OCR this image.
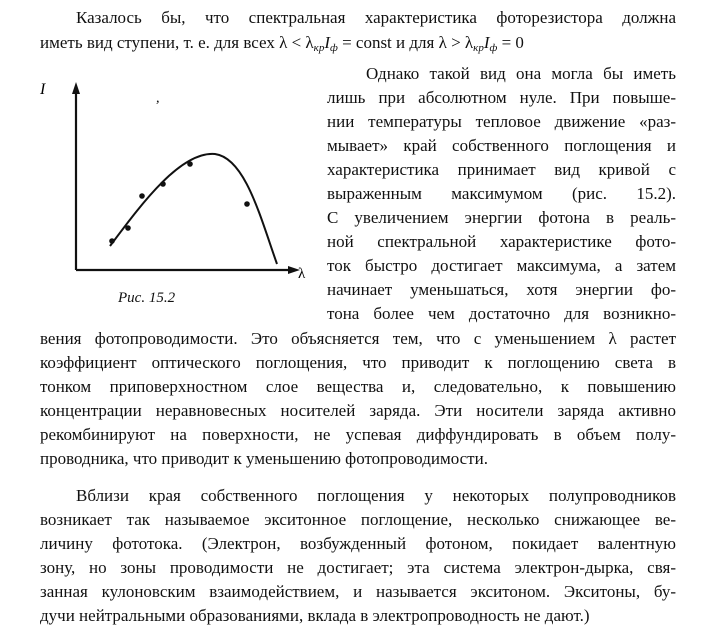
Казалось бы, что спектральная характеристика фоторезистора должна
иметь вид ступени, т. е. для всех $\lambda < \lambda_{кр}I_ф$ = const и для $\lambda > \lambda_{кр}I_ф = 0$
I
,
λ
Рис. 15.2
Однако такой вид она могла бы иметь
лишь при абсолютном нуле. При повыше-
нии температуры тепловое движение «раз-
мывает» край собственного поглощения и
характеристика принимает вид кривой с
выраженным максимумом (рис. 15.2).
С увеличением энергии фотона в реаль-
ной спектральной характеристике фото-
ток быстро достигает максимума, а затем
начинает уменьшаться, хотя энергии фо-
тона более чем достаточно для возникно-
вения фотопроводимости. Это объясняется тем, что с уменьшением λ растет
коэффициент оптического поглощения, что приводит к поглощению света в
тонком приповерхностном слое вещества и, следовательно, к повышению
концентрации неравновесных носителей заряда. Эти носители заряда активно
рекомбинируют на поверхности, не успевая диффундировать в объем полу-
проводника, что приводит к уменьшению фотопроводимости.
Вблизи края собственного поглощения у некоторых полупроводников
возникает так называемое экситонное поглощение, несколько снижающее ве-
личину фототока. (Электрон, возбужденный фотоном, покидает валентную
зону, но зоны проводимости не достигает; эта система электрон-дырка, свя-
занная кулоновским взаимодействием, и называется экситоном. Экситоны, бу-
дучи нейтральными образованиями, вклада в электропроводность не дают.)
